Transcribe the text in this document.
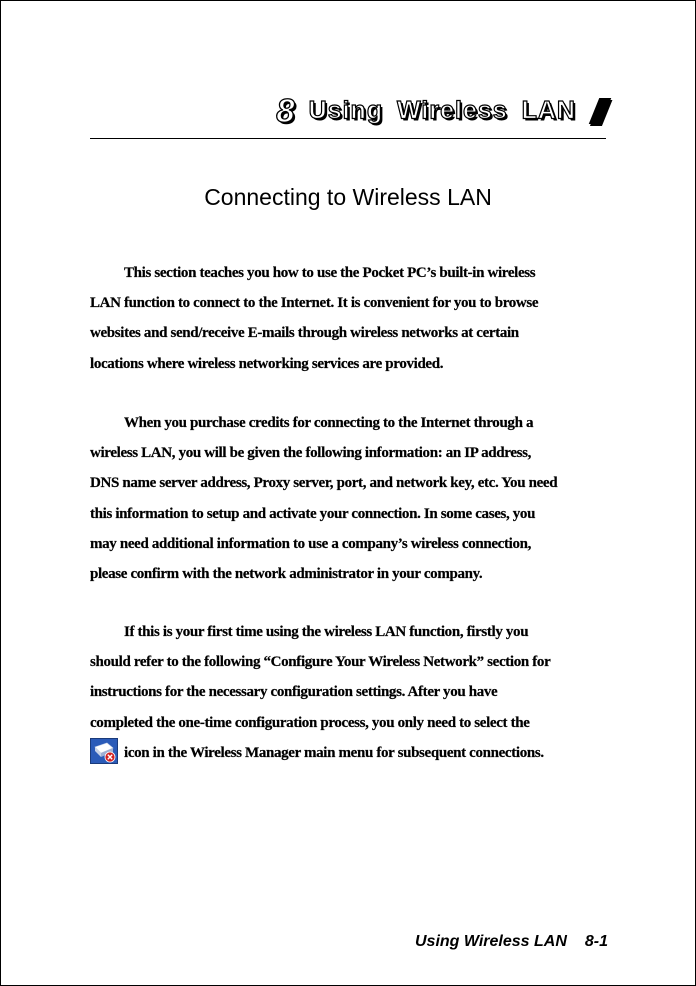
8 Using Wireless LAN
Connecting to Wireless LAN

This section teaches you how to use the Pocket PC’s built-in wireless
LAN function to connect to the Internet. It is convenient for you to browse
websites and send/receive E-mails through wireless networks at certain
locations where wireless networking services are provided.

When you purchase credits for connecting to the Internet through a
wireless LAN, you will be given the following information: an IP address,
DNS name server address, Proxy server, port, and network key, etc. You need
this information to setup and activate your connection. In some cases, you
may need additional information to use a company’s wireless connection,
please confirm with the network administrator in your company.

If this is your first time using the wireless LAN function, firstly you
should refer to the following “Configure Your Wireless Network” section for
instructions for the necessary configuration settings. After you have
completed the one-time configuration process, you only need to select the
icon in the Wireless Manager main menu for subsequent connections.

Using Wireless LAN 8-1
